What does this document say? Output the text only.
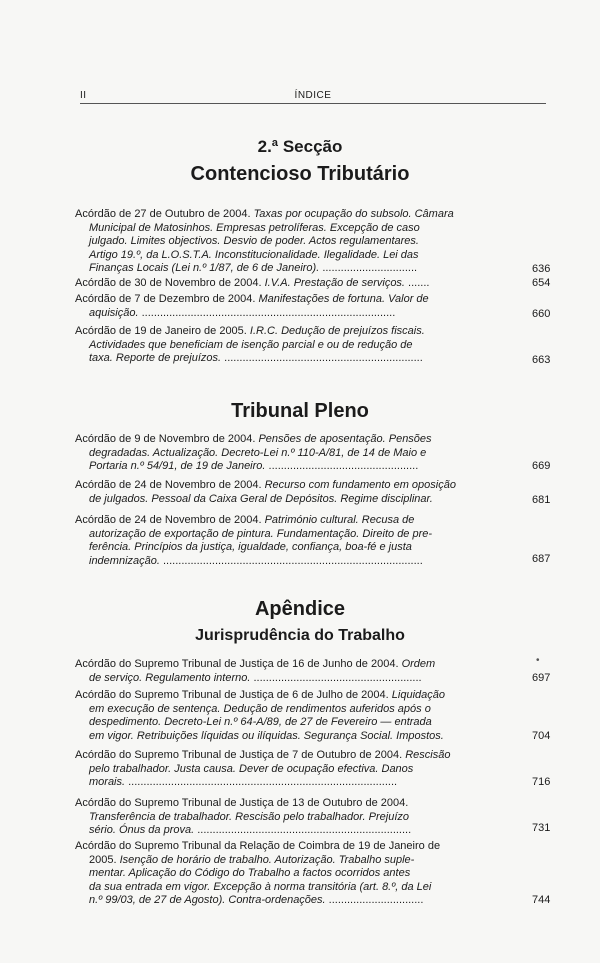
II	ÍNDICE
2.ª Secção
Contencioso Tributário
Acórdão de 27 de Outubro de 2004. Taxas por ocupação do subsolo. Câmara
Municipal de Matosinhos. Empresas petrolíferas. Excepção de caso
julgado. Limites objectivos. Desvio de poder. Actos regulamentares.
Artigo 19.º, da L.O.S.T.A. Inconstitucionalidade. Ilegalidade. Lei das
Finanças Locais (Lei n.º 1/87, de 6 de Janeiro). ...............................	636
Acórdão de 30 de Novembro de 2004. I.V.A. Prestação de serviços. .......	654
Acórdão de 7 de Dezembro de 2004. Manifestações de fortuna. Valor de
aquisição. ...................................................................................	660
Acórdão de 19 de Janeiro de 2005. I.R.C. Dedução de prejuízos fiscais.
Actividades que beneficiam de isenção parcial e ou de redução de
taxa. Reporte de prejuízos. .................................................................	663
Tribunal Pleno
Acórdão de 9 de Novembro de 2004. Pensões de aposentação. Pensões
degradadas. Actualização. Decreto-Lei n.º 110-A/81, de 14 de Maio e
Portaria n.º 54/91, de 19 de Janeiro. .................................................	669
Acórdão de 24 de Novembro de 2004. Recurso com fundamento em oposição
de julgados. Pessoal da Caixa Geral de Depósitos. Regime disciplinar.	681
Acórdão de 24 de Novembro de 2004. Património cultural. Recusa de
autorização de exportação de pintura. Fundamentação. Direito de pre-
ferência. Princípios da justiça, igualdade, confiança, boa-fé e justa
indemnização. .....................................................................................	687
Apêndice
Jurisprudência do Trabalho
•
Acórdão do Supremo Tribunal de Justiça de 16 de Junho de 2004. Ordem
de serviço. Regulamento interno. .......................................................	697
Acórdão do Supremo Tribunal de Justiça de 6 de Julho de 2004. Liquidação
em execução de sentença. Dedução de rendimentos auferidos após o
despedimento. Decreto-Lei n.º 64-A/89, de 27 de Fevereiro — entrada
em vigor. Retribuições líquidas ou ilíquidas. Segurança Social. Impostos.	704
Acórdão do Supremo Tribunal de Justiça de 7 de Outubro de 2004. Rescisão
pelo trabalhador. Justa causa. Dever de ocupação efectiva. Danos
morais. ........................................................................................	716
Acórdão do Supremo Tribunal de Justiça de 13 de Outubro de 2004.
Transferência de trabalhador. Rescisão pelo trabalhador. Prejuízo
sério. Ónus da prova. ......................................................................	731
Acórdão do Supremo Tribunal da Relação de Coimbra de 19 de Janeiro de
2005. Isenção de horário de trabalho. Autorização. Trabalho suple-
mentar. Aplicação do Código do Trabalho a factos ocorridos antes
da sua entrada em vigor. Excepção à norma transitória (art. 8.º, da Lei
n.º 99/03, de 27 de Agosto). Contra-ordenações. ...............................	744
